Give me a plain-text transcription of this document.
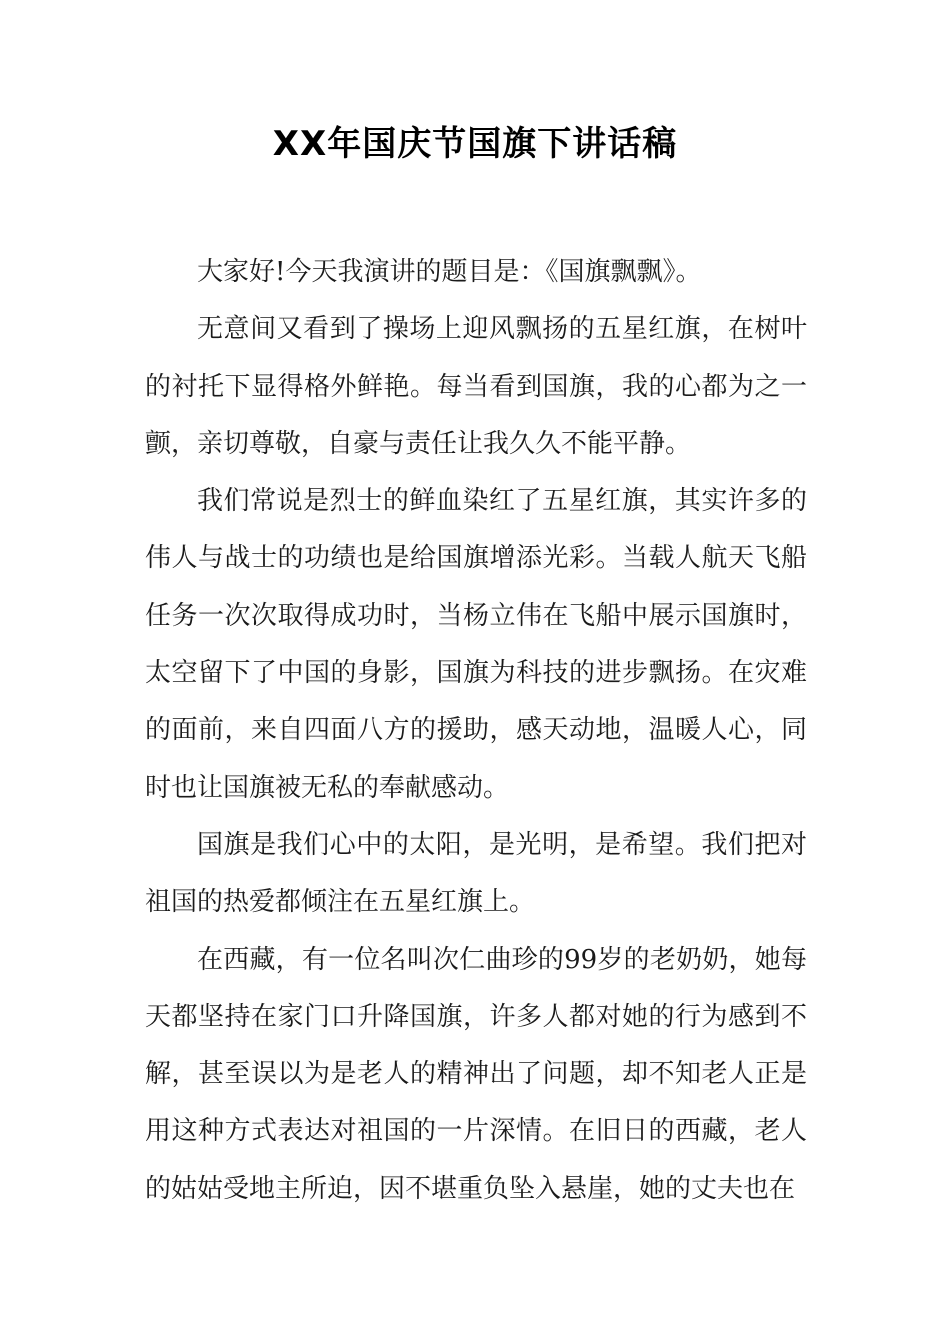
XX年国庆节国旗下讲话稿

大家好!今天我演讲的题目是：《国旗飘飘》。

无意间又看到了操场上迎风飘扬的五星红旗，在树叶的衬托下显得格外鲜艳。每当看到国旗，我的心都为之一颤，亲切尊敬，自豪与责任让我久久不能平静。

我们常说是烈士的鲜血染红了五星红旗，其实许多的伟人与战士的功绩也是给国旗增添光彩。当载人航天飞船任务一次次取得成功时，当杨立伟在飞船中展示国旗时，太空留下了中国的身影，国旗为科技的进步飘扬。在灾难的面前，来自四面八方的援助，感天动地，温暖人心，同时也让国旗被无私的奉献感动。

国旗是我们心中的太阳，是光明，是希望。我们把对祖国的热爱都倾注在五星红旗上。

在西藏，有一位名叫次仁曲珍的99岁的老奶奶，她每天都坚持在家门口升降国旗，许多人都对她的行为感到不解，甚至误以为是老人的精神出了问题，却不知老人正是用这种方式表达对祖国的一片深情。在旧日的西藏，老人的姑姑受地主所迫，因不堪重负坠入悬崖，她的丈夫也在
